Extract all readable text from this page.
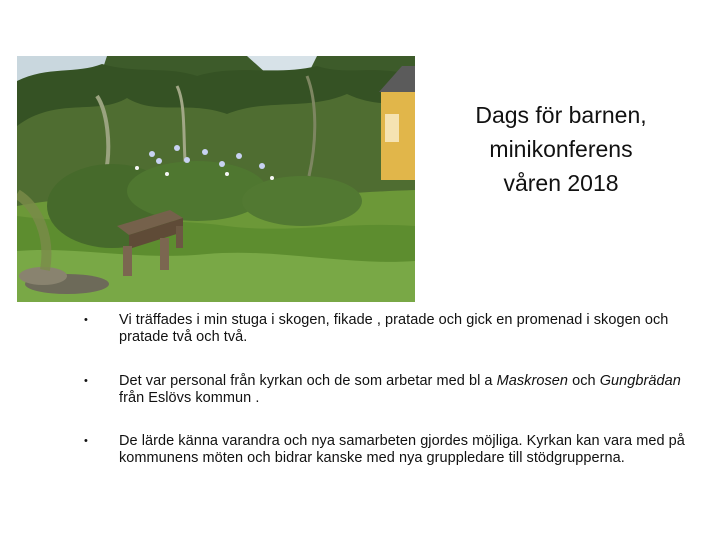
Dags för barnen,
minikonferens
våren 2018
•	Vi träffades i min stuga i skogen, fikade , pratade och gick en promenad i skogen och pratade två och två.
•	Det var personal från kyrkan och de som arbetar med bl a Maskrosen och Gungbrädan från Eslövs kommun .
•	De lärde känna varandra och nya samarbeten gjordes möjliga. Kyrkan kan vara med på kommunens möten och bidrar kanske med nya gruppledare till stödgrupperna.
